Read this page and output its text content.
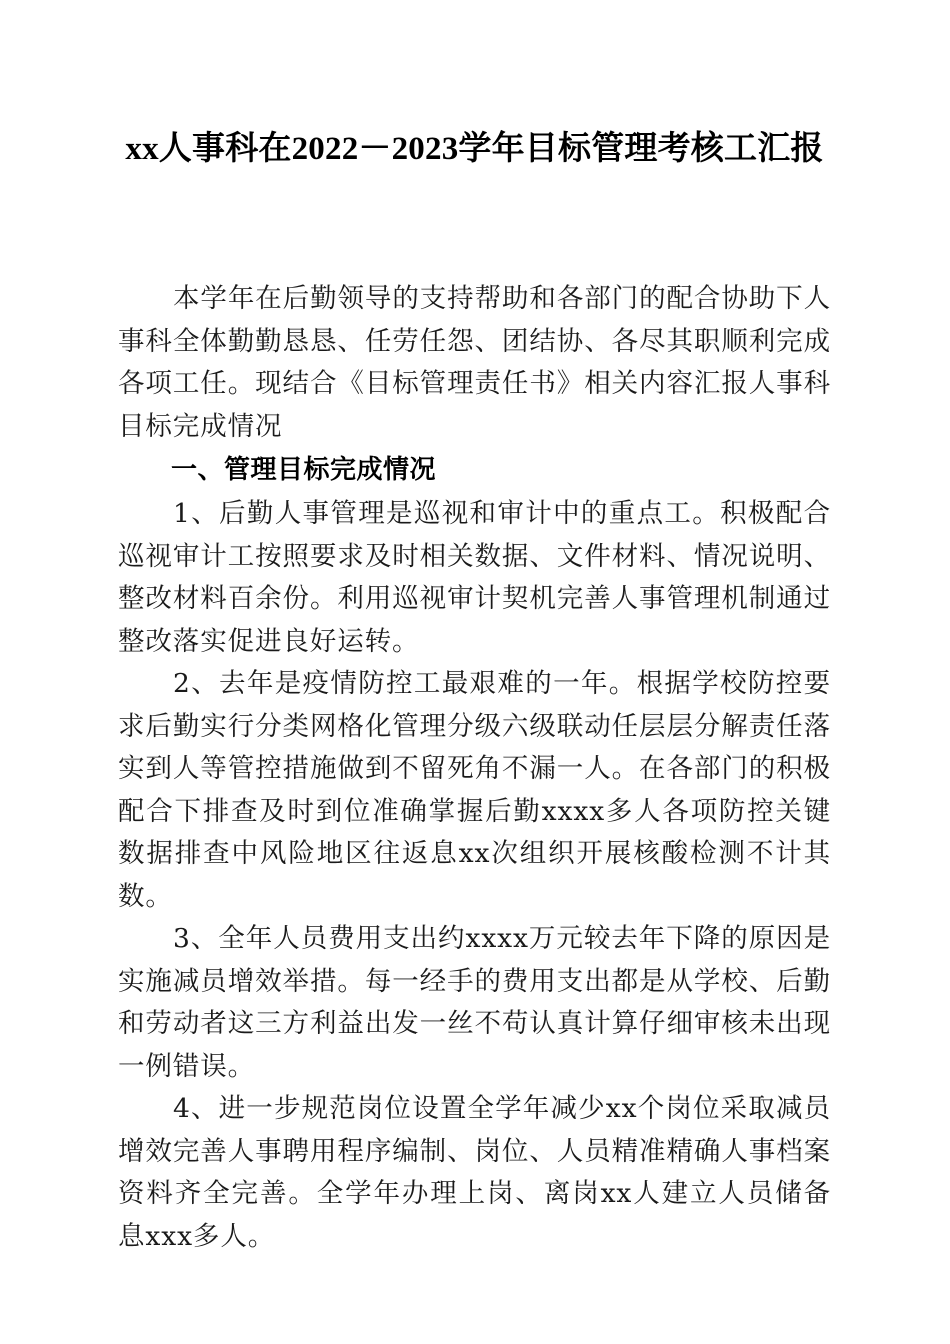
xx人事科在2022－2023学年目标管理考核工汇报

本学年在后勤领导的支持帮助和各部门的配合协助下人事科全体勤勤恳恳、任劳任怨、团结协、各尽其职顺利完成各项工任。现结合《目标管理责任书》相关内容汇报人事科目标完成情况

一、管理目标完成情况

1、后勤人事管理是巡视和审计中的重点工。积极配合巡视审计工按照要求及时相关数据、文件材料、情况说明、整改材料百余份。利用巡视审计契机完善人事管理机制通过整改落实促进良好运转。

2、去年是疫情防控工最艰难的一年。根据学校防控要求后勤实行分类网格化管理分级六级联动任层层分解责任落实到人等管控措施做到不留死角不漏一人。在各部门的积极配合下排查及时到位准确掌握后勤xxxx多人各项防控关键数据排查中风险地区往返息xx次组织开展核酸检测不计其数。

3、全年人员费用支出约xxxx万元较去年下降的原因是实施减员增效举措。每一经手的费用支出都是从学校、后勤和劳动者这三方利益出发一丝不苟认真计算仔细审核未出现一例错误。

4、进一步规范岗位设置全学年减少xx个岗位采取减员增效完善人事聘用程序编制、岗位、人员精准精确人事档案资料齐全完善。全学年办理上岗、离岗xx人建立人员储备息xxx多人。
